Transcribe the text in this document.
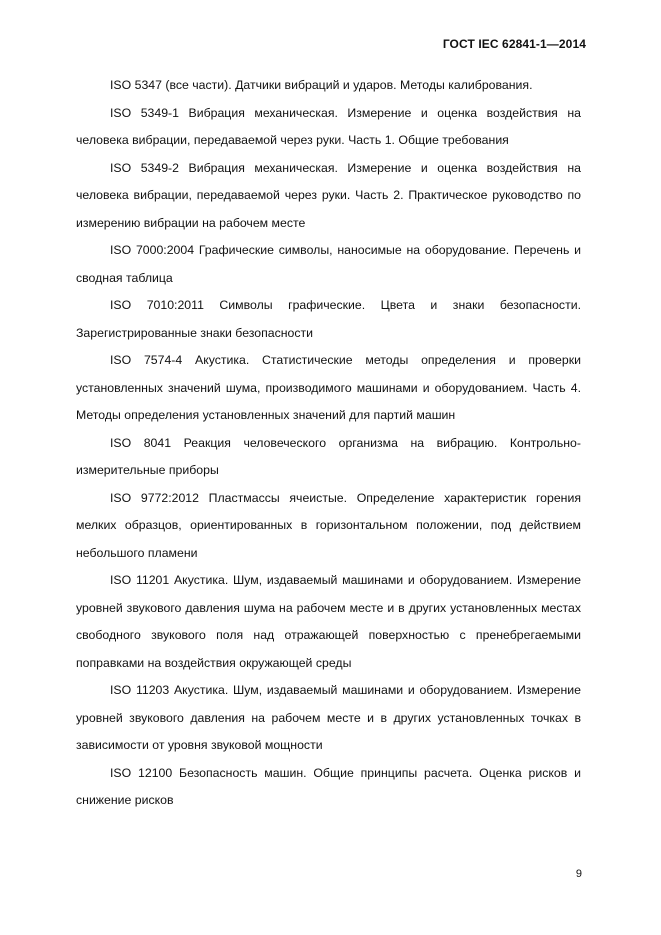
ГОСТ IEC 62841-1—2014

ISO 5347 (все части). Датчики вибраций и ударов. Методы калибрования.

ISO 5349-1 Вибрация механическая. Измерение и оценка воздействия на человека вибрации, передаваемой через руки. Часть 1. Общие требования

ISO 5349-2 Вибрация механическая. Измерение и оценка воздействия на человека вибрации, передаваемой через руки. Часть 2. Практическое руководство по измерению вибрации на рабочем месте

ISO 7000:2004 Графические символы, наносимые на оборудование. Перечень и сводная таблица

ISO 7010:2011 Символы графические. Цвета и знаки безопасности. Зарегистрированные знаки безопасности

ISO 7574-4 Акустика. Статистические методы определения и проверки установленных значений шума, производимого машинами и оборудованием. Часть 4. Методы определения установленных значений для партий машин

ISO 8041 Реакция человеческого организма на вибрацию. Контрольно-измерительные приборы

ISO 9772:2012 Пластмассы ячеистые. Определение характеристик горения мелких образцов, ориентированных в горизонтальном положении, под действием небольшого пламени

ISO 11201 Акустика. Шум, издаваемый машинами и оборудованием. Измерение уровней звукового давления шума на рабочем месте и в других установленных местах свободного звукового поля над отражающей поверхностью с пренебрегаемыми поправками на воздействия окружающей среды

ISO 11203 Акустика. Шум, издаваемый машинами и оборудованием. Измерение уровней звукового давления на рабочем месте и в других установленных точках в зависимости от уровня звуковой мощности

ISO 12100 Безопасность машин. Общие принципы расчета. Оценка рисков и снижение рисков

9
